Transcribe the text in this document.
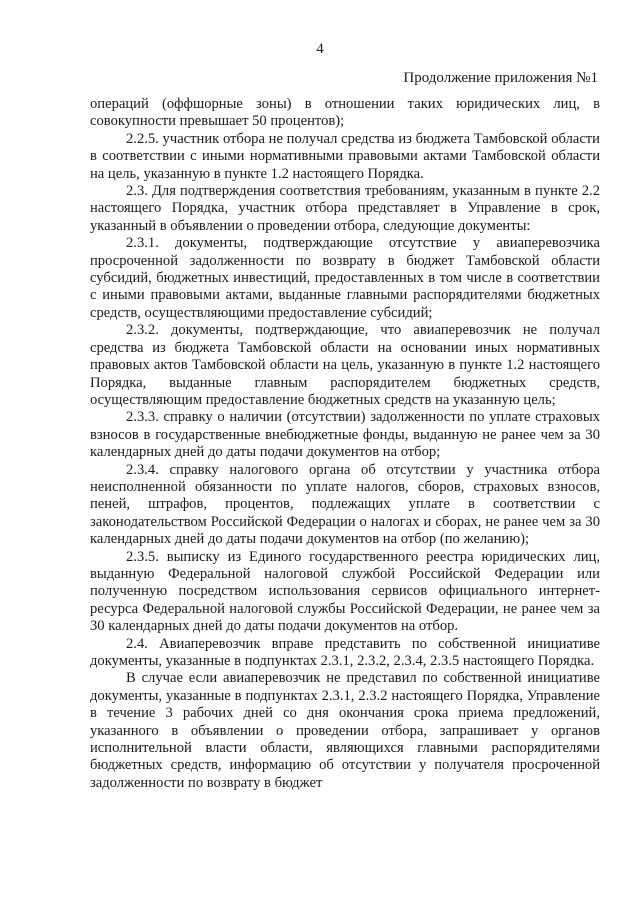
4
Продолжение приложения №1

операций (оффшорные зоны) в отношении таких юридических лиц, в совокупности превышает 50 процентов);

2.2.5. участник отбора не получал средства из бюджета Тамбовской области в соответствии с иными нормативными правовыми актами Тамбовской области на цель, указанную в пункте 1.2 настоящего Порядка.

2.3. Для подтверждения соответствия требованиям, указанным в пункте 2.2 настоящего Порядка, участник отбора представляет в Управление в срок, указанный в объявлении о проведении отбора, следующие документы:

2.3.1. документы, подтверждающие отсутствие у авиаперевозчика просроченной задолженности по возврату в бюджет Тамбовской области субсидий, бюджетных инвестиций, предоставленных в том числе в соответствии с иными правовыми актами, выданные главными распорядителями бюджетных средств, осуществляющими предоставление субсидий;

2.3.2. документы, подтверждающие, что авиаперевозчик не получал средства из бюджета Тамбовской области на основании иных нормативных правовых актов Тамбовской области на цель, указанную в пункте 1.2 настоящего Порядка, выданные главным распорядителем бюджетных средств, осуществляющим предоставление бюджетных средств на указанную цель;

2.3.3. справку о наличии (отсутствии) задолженности по уплате страховых взносов в государственные внебюджетные фонды, выданную не ранее чем за 30 календарных дней до даты подачи документов на отбор;

2.3.4. справку налогового органа об отсутствии у участника отбора неисполненной обязанности по уплате налогов, сборов, страховых взносов, пеней, штрафов, процентов, подлежащих уплате в соответствии с законодательством Российской Федерации о налогах и сборах, не ранее чем за 30 календарных дней до даты подачи документов на отбор (по желанию);

2.3.5. выписку из Единого государственного реестра юридических лиц, выданную Федеральной налоговой службой Российской Федерации или полученную посредством использования сервисов официального интернет-ресурса Федеральной налоговой службы Российской Федерации, не ранее чем за 30 календарных дней до даты подачи документов на отбор.

2.4. Авиаперевозчик вправе представить по собственной инициативе документы, указанные в подпунктах 2.3.1, 2.3.2, 2.3.4, 2.3.5 настоящего Порядка.

В случае если авиаперевозчик не представил по собственной инициативе документы, указанные в подпунктах 2.3.1, 2.3.2 настоящего Порядка, Управление в течение 3 рабочих дней со дня окончания срока приема предложений, указанного в объявлении о проведении отбора, запрашивает у органов исполнительной власти области, являющихся главными распорядителями бюджетных средств, информацию об отсутствии у получателя просроченной задолженности по возврату в бюджет
